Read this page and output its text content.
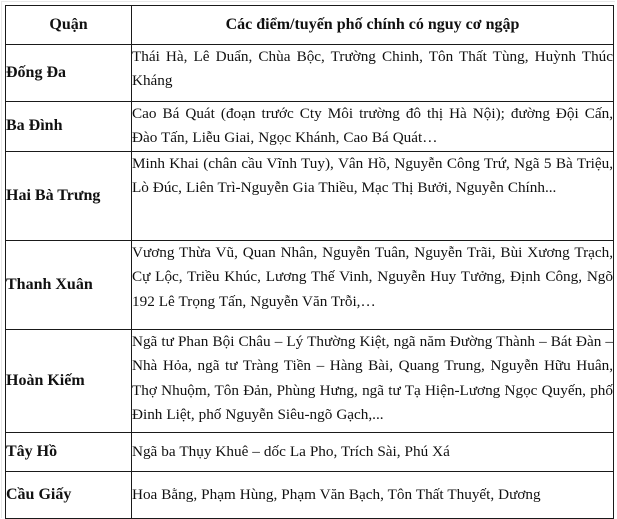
Quận	Các điểm/tuyến phố chính có nguy cơ ngập
Đống Đa	Thái Hà, Lê Duẩn, Chùa Bộc, Trường Chinh, Tôn Thất Tùng, Huỳnh Thúc Kháng
Ba Đình	Cao Bá Quát (đoạn trước Cty Môi trường đô thị Hà Nội); đường Đội Cấn, Đào Tấn, Liễu Giai, Ngọc Khánh, Cao Bá Quát…
Hai Bà Trưng	Minh Khai (chân cầu Vĩnh Tuy), Vân Hồ, Nguyễn Công Trứ, Ngã 5 Bà Triệu, Lò Đúc, Liên Trì-Nguyễn Gia Thiều, Mạc Thị Bưởi, Nguyễn Chính...
Thanh Xuân	Vương Thừa Vũ, Quan Nhân, Nguyễn Tuân, Nguyễn Trãi, Bùi Xương Trạch, Cự Lộc, Triều Khúc, Lương Thế Vinh, Nguyễn Huy Tưởng, Định Công, Ngõ 192 Lê Trọng Tấn, Nguyễn Văn Trỗi,…
Hoàn Kiếm	Ngã tư Phan Bội Châu – Lý Thường Kiệt, ngã năm Đường Thành – Bát Đàn – Nhà Hỏa, ngã tư Tràng Tiền – Hàng Bài, Quang Trung, Nguyễn Hữu Huân, Thợ Nhuộm, Tôn Đản, Phùng Hưng, ngã tư Tạ Hiện-Lương Ngọc Quyến, phố Đinh Liệt, phố Nguyễn Siêu-ngõ Gạch,...
Tây Hồ	Ngã ba Thụy Khuê – dốc La Pho, Trích Sài, Phú Xá
Cầu Giấy	Hoa Bằng, Phạm Hùng, Phạm Văn Bạch, Tôn Thất Thuyết, Dương
